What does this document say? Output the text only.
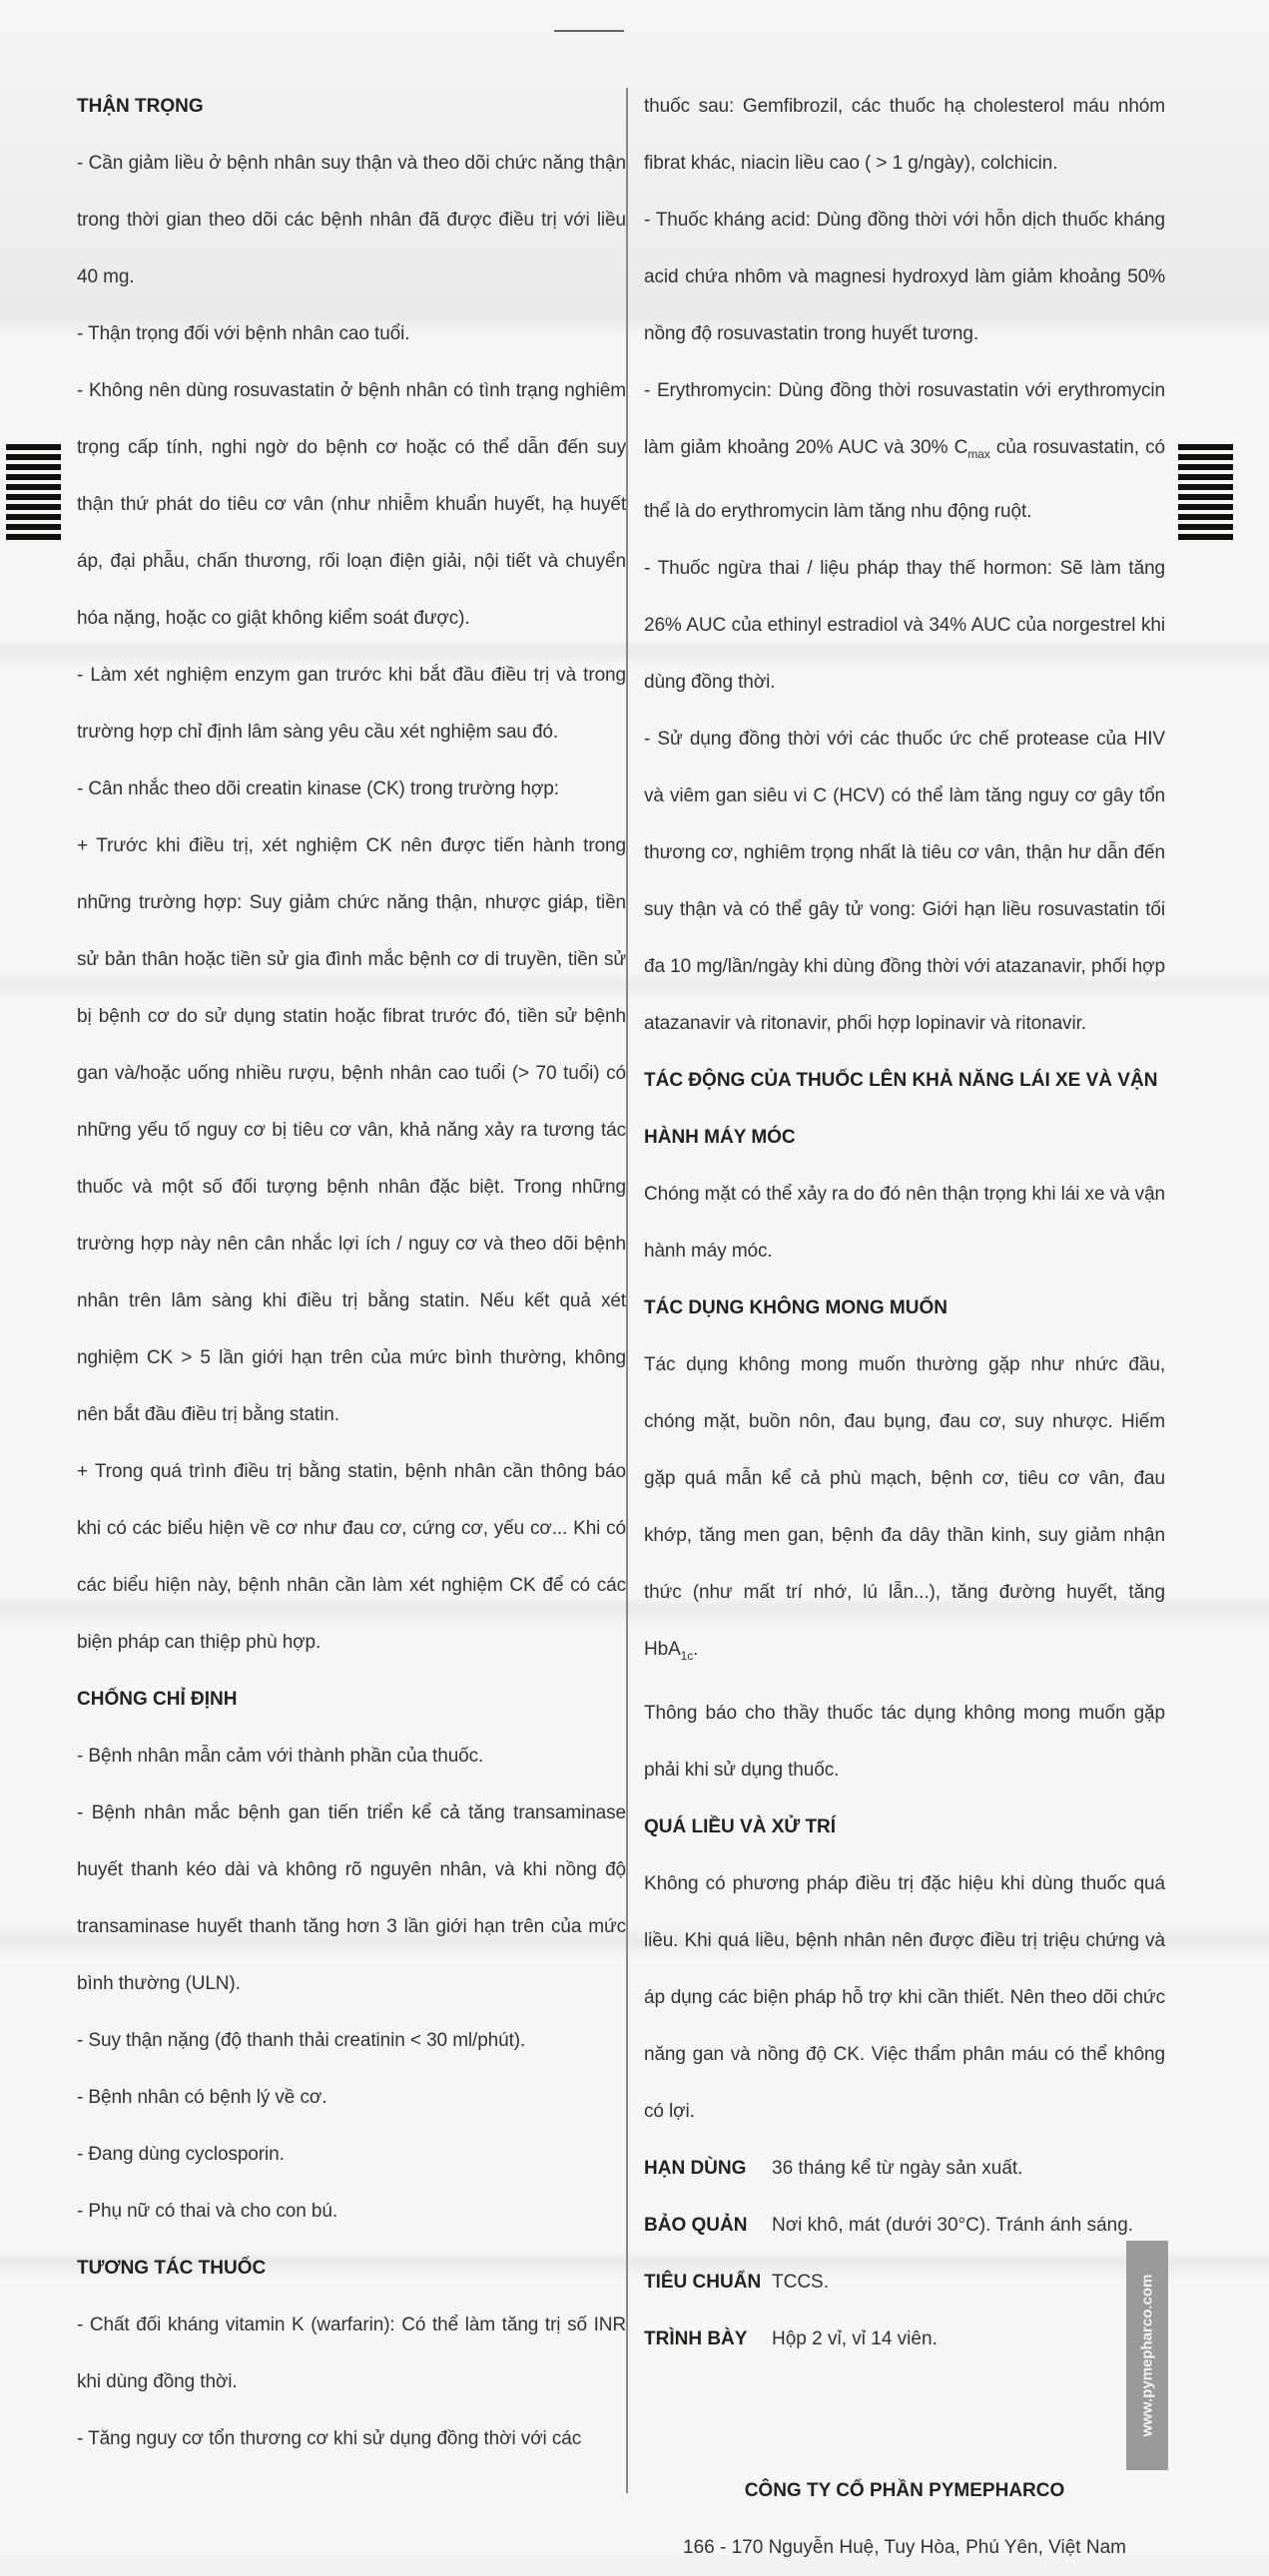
THẬN TRỌNG

- Cần giảm liều ở bệnh nhân suy thận và theo dõi chức năng thận trong thời gian theo dõi các bệnh nhân đã được điều trị với liều 40 mg.

- Thận trọng đối với bệnh nhân cao tuổi.

- Không nên dùng rosuvastatin ở bệnh nhân có tình trạng nghiêm trọng cấp tính, nghi ngờ do bệnh cơ hoặc có thể dẫn đến suy thận thứ phát do tiêu cơ vân (như nhiễm khuẩn huyết, hạ huyết áp, đại phẫu, chấn thương, rối loạn điện giải, nội tiết và chuyển hóa nặng, hoặc co giật không kiểm soát được).

- Làm xét nghiệm enzym gan trước khi bắt đầu điều trị và trong trường hợp chỉ định lâm sàng yêu cầu xét nghiệm sau đó.

- Cân nhắc theo dõi creatin kinase (CK) trong trường hợp:

+ Trước khi điều trị, xét nghiệm CK nên được tiến hành trong những trường hợp: Suy giảm chức năng thận, nhược giáp, tiền sử bản thân hoặc tiền sử gia đình mắc bệnh cơ di truyền, tiền sử bị bệnh cơ do sử dụng statin hoặc fibrat trước đó, tiền sử bệnh gan và/hoặc uống nhiều rượu, bệnh nhân cao tuổi (> 70 tuổi) có những yếu tố nguy cơ bị tiêu cơ vân, khả năng xảy ra tương tác thuốc và một số đối tượng bệnh nhân đặc biệt. Trong những trường hợp này nên cân nhắc lợi ích / nguy cơ và theo dõi bệnh nhân trên lâm sàng khi điều trị bằng statin. Nếu kết quả xét nghiệm CK > 5 lần giới hạn trên của mức bình thường, không nên bắt đầu điều trị bằng statin.

+ Trong quá trình điều trị bằng statin, bệnh nhân cần thông báo khi có các biểu hiện về cơ như đau cơ, cứng cơ, yếu cơ... Khi có các biểu hiện này, bệnh nhân cần làm xét nghiệm CK để có các biện pháp can thiệp phù hợp.

CHỐNG CHỈ ĐỊNH

- Bệnh nhân mẫn cảm với thành phần của thuốc.

- Bệnh nhân mắc bệnh gan tiến triển kể cả tăng transaminase huyết thanh kéo dài và không rõ nguyên nhân, và khi nồng độ transaminase huyết thanh tăng hơn 3 lần giới hạn trên của mức bình thường (ULN).

- Suy thận nặng (độ thanh thải creatinin < 30 ml/phút).

- Bệnh nhân có bệnh lý về cơ.

- Đang dùng cyclosporin.

- Phụ nữ có thai và cho con bú.

TƯƠNG TÁC THUỐC

- Chất đối kháng vitamin K (warfarin): Có thể làm tăng trị số INR khi dùng đồng thời.

- Tăng nguy cơ tổn thương cơ khi sử dụng đồng thời với các

thuốc sau: Gemfibrozil, các thuốc hạ cholesterol máu nhóm fibrat khác, niacin liều cao ( > 1 g/ngày), colchicin.

- Thuốc kháng acid: Dùng đồng thời với hỗn dịch thuốc kháng acid chứa nhôm và magnesi hydroxyd làm giảm khoảng 50% nồng độ rosuvastatin trong huyết tương.

- Erythromycin: Dùng đồng thời rosuvastatin với erythromycin làm giảm khoảng 20% AUC và 30% $C_{max}$ của rosuvastatin, có thể là do erythromycin làm tăng nhu động ruột.

- Thuốc ngừa thai / liệu pháp thay thế hormon: Sẽ làm tăng 26% AUC của ethinyl estradiol và 34% AUC của norgestrel khi dùng đồng thời.

- Sử dụng đồng thời với các thuốc ức chế protease của HIV và viêm gan siêu vi C (HCV) có thể làm tăng nguy cơ gây tổn thương cơ, nghiêm trọng nhất là tiêu cơ vân, thận hư dẫn đến suy thận và có thể gây tử vong: Giới hạn liều rosuvastatin tối đa 10 mg/lần/ngày khi dùng đồng thời với atazanavir, phối hợp atazanavir và ritonavir, phối hợp lopinavir và ritonavir.

TÁC ĐỘNG CỦA THUỐC LÊN KHẢ NĂNG LÁI XE VÀ VẬN HÀNH MÁY MÓC

Chóng mặt có thể xảy ra do đó nên thận trọng khi lái xe và vận hành máy móc.

TÁC DỤNG KHÔNG MONG MUỐN

Tác dụng không mong muốn thường gặp như nhức đầu, chóng mặt, buồn nôn, đau bụng, đau cơ, suy nhược. Hiếm gặp quá mẫn kể cả phù mạch, bệnh cơ, tiêu cơ vân, đau khớp, tăng men gan, bệnh đa dây thần kinh, suy giảm nhận thức (như mất trí nhớ, lú lẫn...), tăng đường huyết, tăng HbA$_{1c}$.

Thông báo cho thầy thuốc tác dụng không mong muốn gặp phải khi sử dụng thuốc.

QUÁ LIỀU VÀ XỬ TRÍ

Không có phương pháp điều trị đặc hiệu khi dùng thuốc quá liều. Khi quá liều, bệnh nhân nên được điều trị triệu chứng và áp dụng các biện pháp hỗ trợ khi cần thiết. Nên theo dõi chức năng gan và nồng độ CK. Việc thẩm phân máu có thể không có lợi.

HẠN DÙNG	36 tháng kể từ ngày sản xuất.
BẢO QUẢN	Nơi khô, mát (dưới 30°C). Tránh ánh sáng.
TIÊU CHUẨN TCCS.
TRÌNH BÀY	Hộp 2 vỉ, vỉ 14 viên.
CÔNG TY CỔ PHẦN PYMEPHARCO
166 - 170 Nguyễn Huệ, Tuy Hòa, Phú Yên, Việt Nam
www.pymepharco.com
